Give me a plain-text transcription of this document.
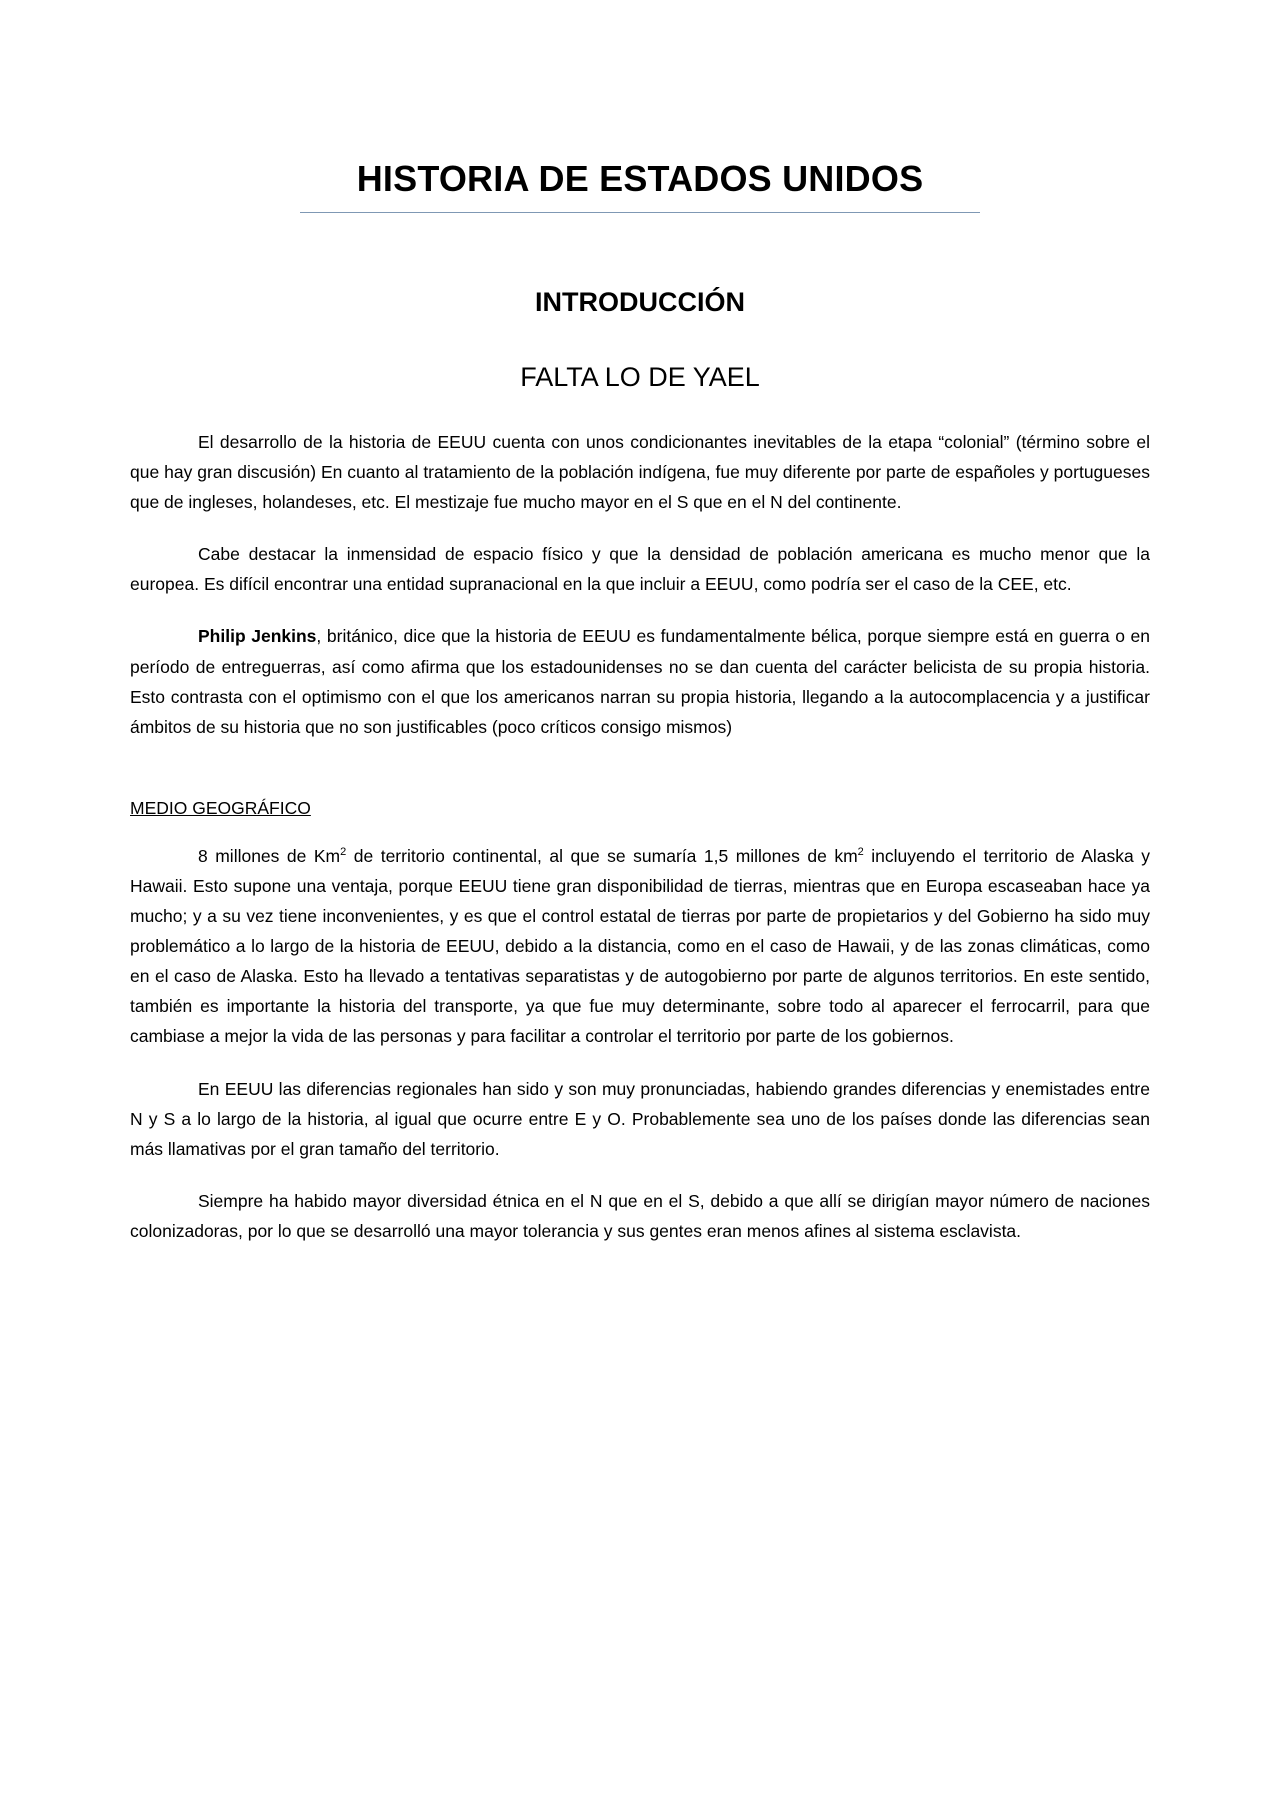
HISTORIA DE ESTADOS UNIDOS
INTRODUCCIÓN
FALTA LO DE YAEL

El desarrollo de la historia de EEUU cuenta con unos condicionantes inevitables de la etapa “colonial” (término sobre el que hay gran discusión) En cuanto al tratamiento de la población indígena, fue muy diferente por parte de españoles y portugueses que de ingleses, holandeses, etc. El mestizaje fue mucho mayor en el S que en el N del continente.

Cabe destacar la inmensidad de espacio físico y que la densidad de población americana es mucho menor que la europea. Es difícil encontrar una entidad supranacional en la que incluir a EEUU, como podría ser el caso de la CEE, etc.

Philip Jenkins, británico, dice que la historia de EEUU es fundamentalmente bélica, porque siempre está en guerra o en período de entreguerras, así como afirma que los estadounidenses no se dan cuenta del carácter belicista de su propia historia. Esto contrasta con el optimismo con el que los americanos narran su propia historia, llegando a la autocomplacencia y a justificar ámbitos de su historia que no son justificables (poco críticos consigo mismos)

MEDIO GEOGRÁFICO

8 millones de Km$^2$ de territorio continental, al que se sumaría 1,5 millones de $km^2$ incluyendo el territorio de Alaska y Hawaii. Esto supone una ventaja, porque EEUU tiene gran disponibilidad de tierras, mientras que en Europa escaseaban hace ya mucho; y a su vez tiene inconvenientes, y es que el control estatal de tierras por parte de propietarios y del Gobierno ha sido muy problemático a lo largo de la historia de EEUU, debido a la distancia, como en el caso de Hawaii, y de las zonas climáticas, como en el caso de Alaska. Esto ha llevado a tentativas separatistas y de autogobierno por parte de algunos territorios. En este sentido, también es importante la historia del transporte, ya que fue muy determinante, sobre todo al aparecer el ferrocarril, para que cambiase a mejor la vida de las personas y para facilitar a controlar el territorio por parte de los gobiernos.

En EEUU las diferencias regionales han sido y son muy pronunciadas, habiendo grandes diferencias y enemistades entre N y S a lo largo de la historia, al igual que ocurre entre E y O. Probablemente sea uno de los países donde las diferencias sean más llamativas por el gran tamaño del territorio.

Siempre ha habido mayor diversidad étnica en el N que en el S, debido a que allí se dirigían mayor número de naciones colonizadoras, por lo que se desarrolló una mayor tolerancia y sus gentes eran menos afines al sistema esclavista.
